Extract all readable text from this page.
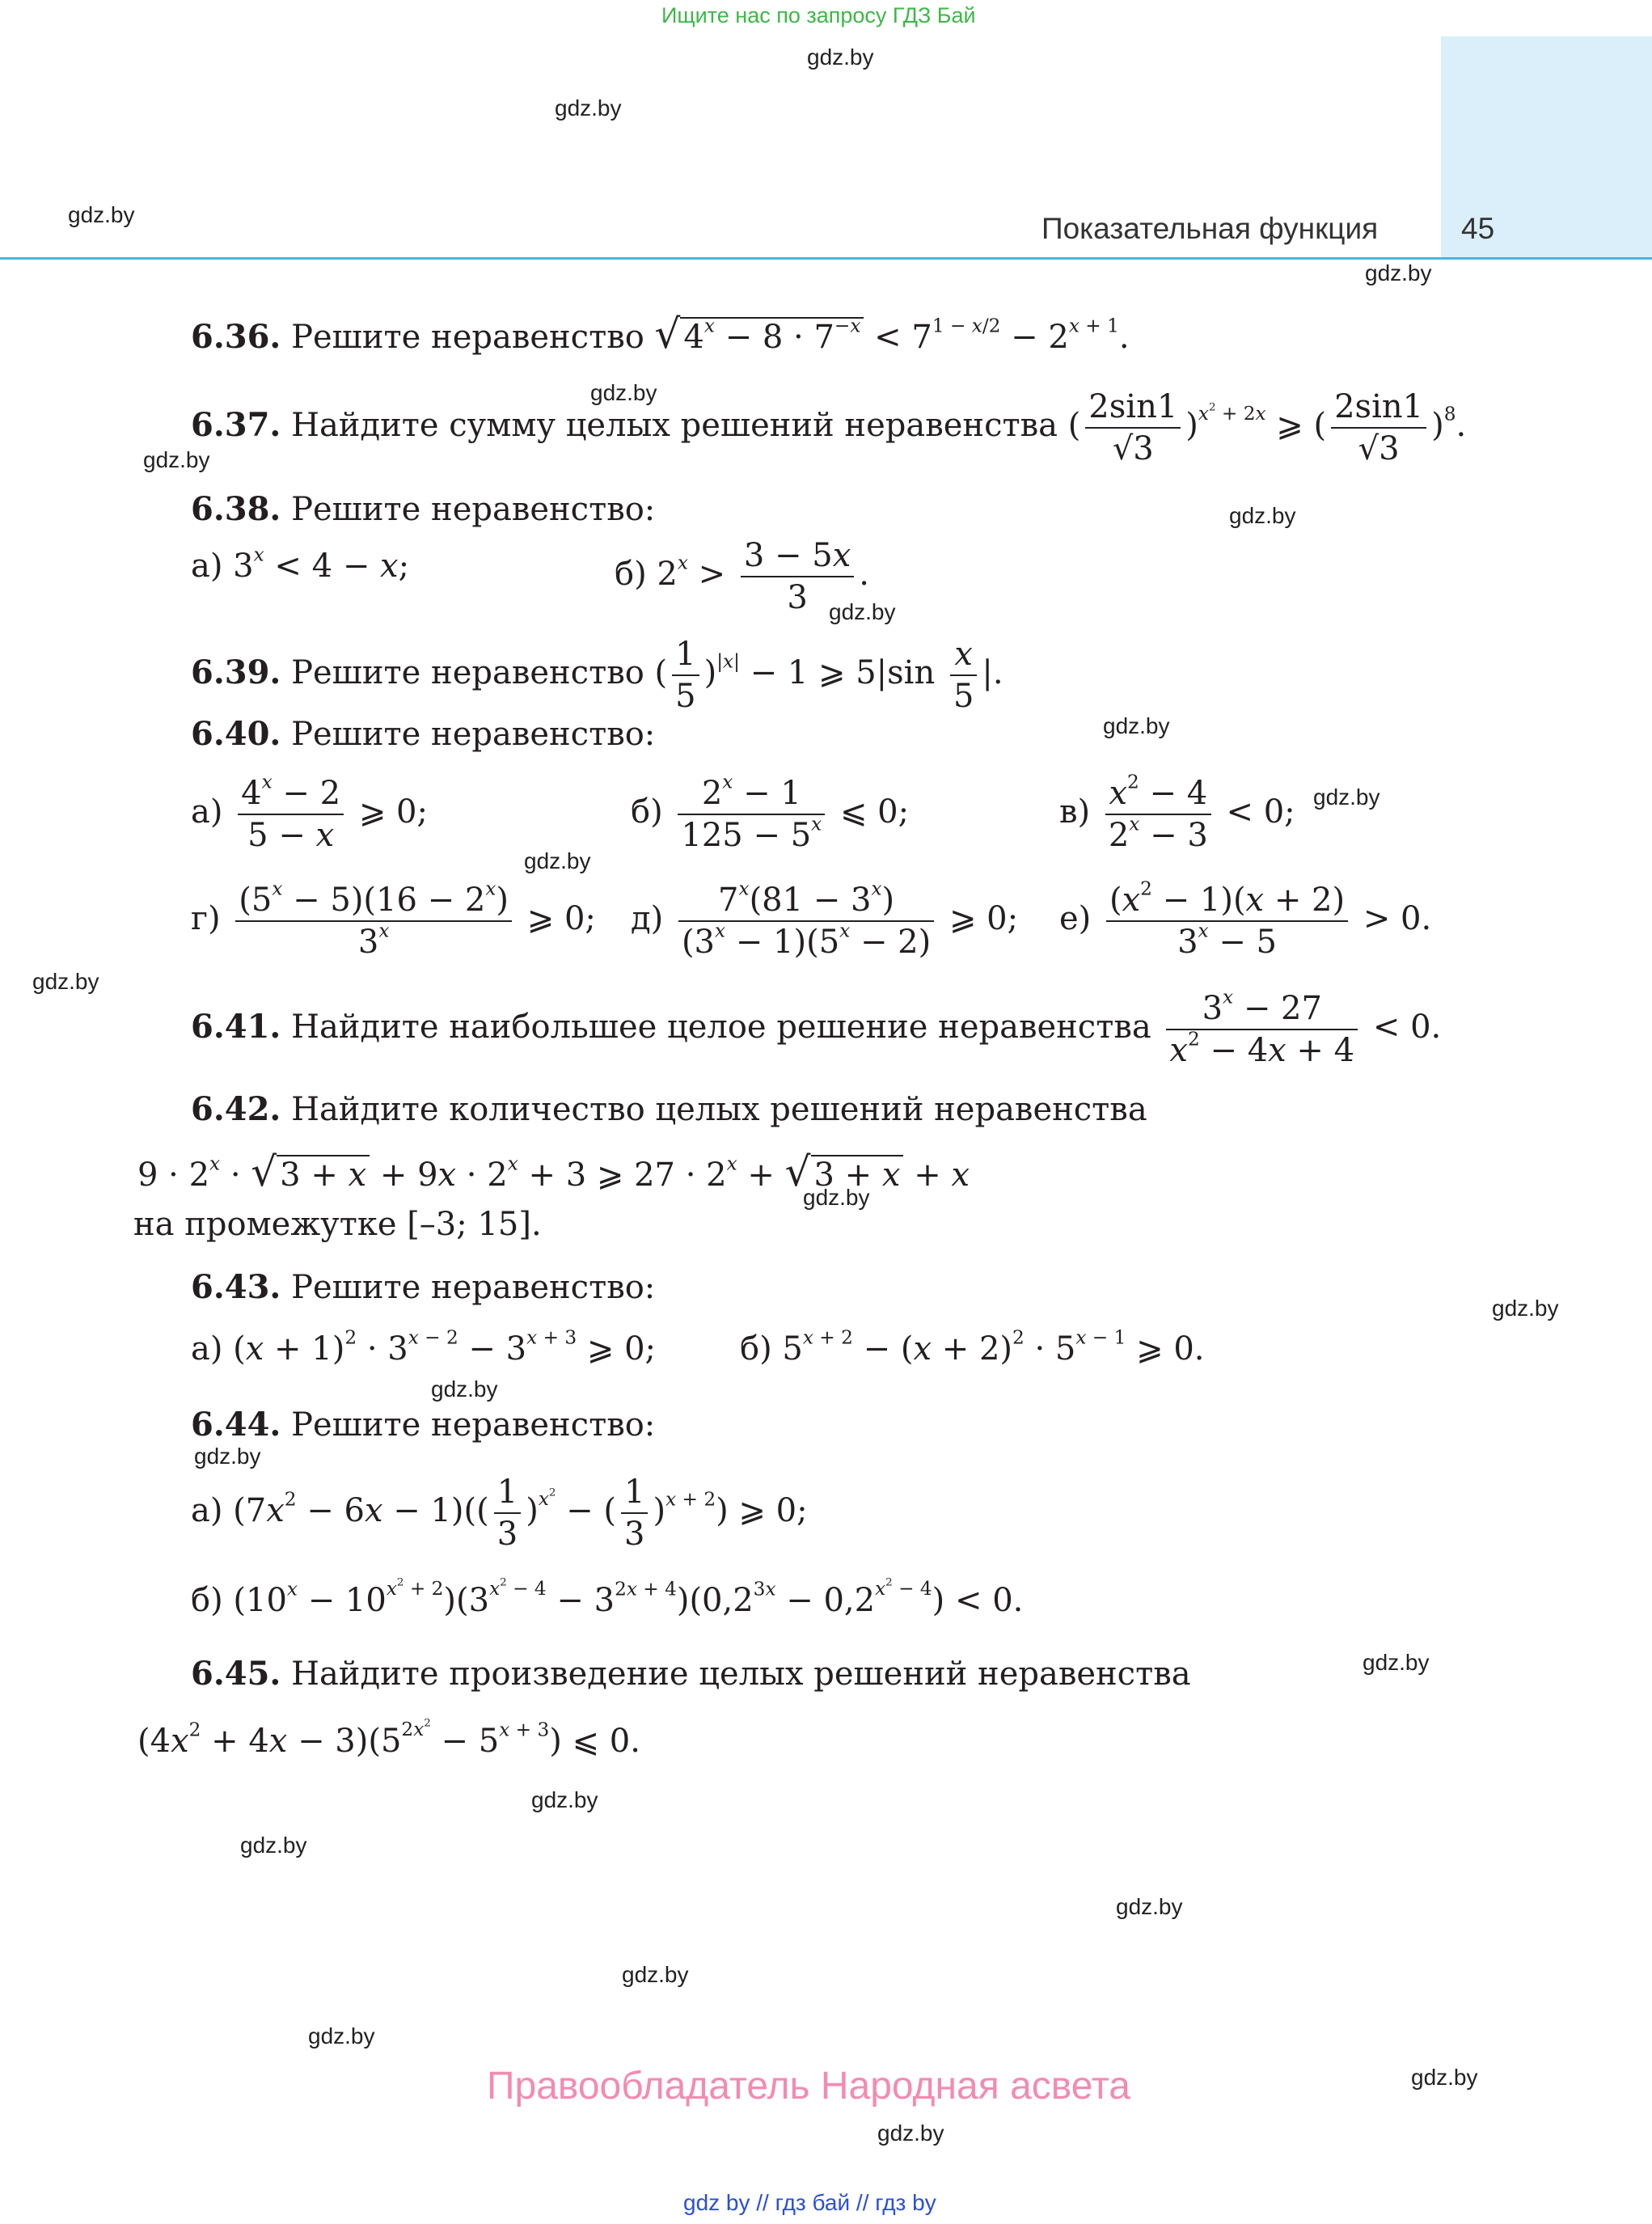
Ищите нас по запросу ГДЗ Бай
Показательная функция	45
gdz.by
gdz.by
gdz.by
gdz.by
gdz.by
gdz.by
gdz.by
gdz.by
gdz.by
gdz.by
gdz.by
gdz.by
gdz.by
gdz.by
gdz.by
gdz.by
gdz.by
gdz.by
gdz.by
gdz.by
gdz.by
gdz.by
gdz.by
gdz.by
6.36. Решите неравенство √ $4^x - 8 \cdot 7^{-x} < 7^{1 - x/2} - 2^{x + 1}$.
6.37. Найдите сумму целых решений неравенства ( $\frac{2\sin 1}{√3} )^{x^2 + 2x}$ ⩾ ( $\frac{2\sin 1}{√3} )^8$.
6.38. Решите неравенство:
а) $3^x < 4 - x$;	б) $2^x > \frac{3 - 5x}{3}$ .
6.39. Решите неравенство ( $\frac{1}{5} )^{|x|} - 1$ ⩾ $5|\sin \frac{x}{5}$ |.
6.40. Решите неравенство:
$а) \frac{4^x - 2}{5 - x}$ ⩾ 0;	$б) \frac{2^x - 1}{125 - 5^x}$ ⩽ 0;	$в) \frac{x^2 - 4}{2^x - 3} < 0$;
$г) \frac{(5^x - 5)(16 - 2^x)}{3^x}$ ⩾ 0; $д) \frac{7^x(81 - 3^x)}{(3^x - 1)(5^x - 2)}$ ⩾ 0; $е) \frac{(x^2 - 1)(x + 2)}{3^x - 5} > 0$.
6.41. Найдите наибольшее целое решение неравенства $\frac{3^x - 27}{x^2 - 4x + 4} < 0$.
6.42. Найдите количество целых решений неравенства
$9 \cdot 2^x$ · √ $3 + x + 9x \cdot 2^x + 3$ ⩾ $27 \cdot 2^x$ + √ 3 + x + x
на промежутке [–3; 15].
6.43. Решите неравенство:
а) $(x + 1)^2 \cdot 3^{x - 2} - 3^{x + 3}$ ⩾ 0;	б) $5^{x + 2} - (x + 2)^2 \cdot 5^{x - 1}$ ⩾ 0.
6.44. Решите неравенство:
а) $(7x^2 - 6x - 1)(( \frac{1}{3} )^{x^2}$ − ( $\frac{1}{3} )^{x + 2}$) ⩾ 0;
б) $(10^x - 10^{x^2 + 2})(3^{x^2 - 4} - 3^{2x + 4})(0,2^{3x} - 0,2^{x^2 - 4}) < 0$.
6.45. Найдите произведение целых решений неравенства
$(4x^2 + 4x - 3)(5^{2x^2} - 5^{x + 3})$ ⩽ 0.
Правообладатель Народная асвета
gdz by // гдз бай // гдз by
